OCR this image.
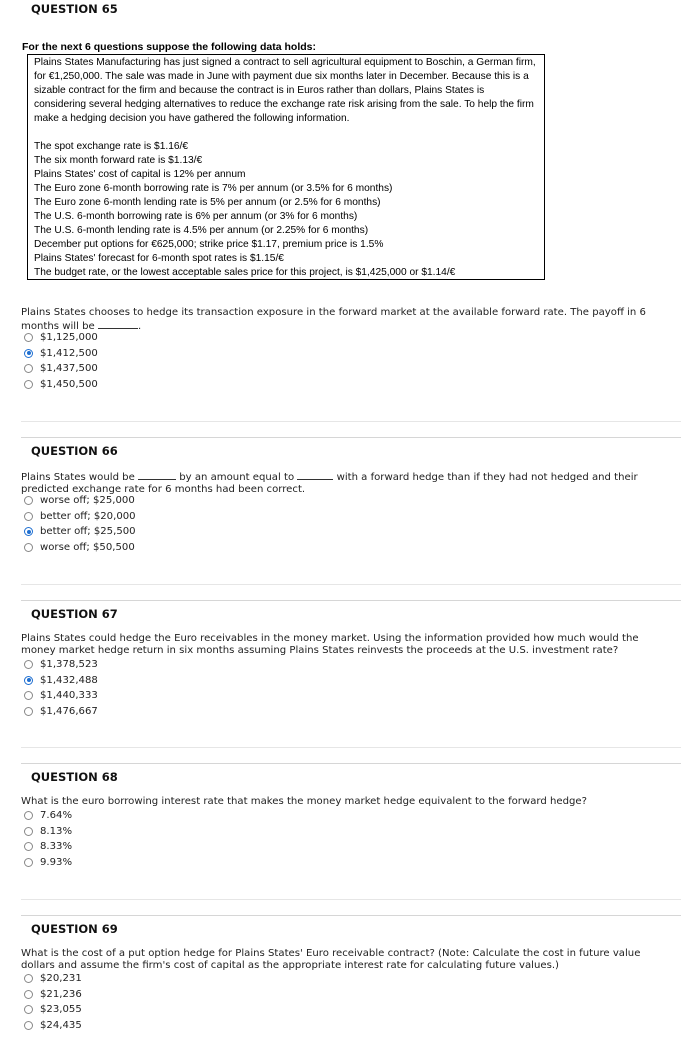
QUESTION 65
For the next 6 questions suppose the following data holds:
Plains States Manufacturing has just signed a contract to sell agricultural equipment to Boschin, a German firm, for €1,250,000. The sale was made in June with payment due six months later in December. Because this is a sizable contract for the firm and because the contract is in Euros rather than dollars, Plains States is considering several hedging alternatives to reduce the exchange rate risk arising from the sale. To help the firm make a hedging decision you have gathered the following information.
The spot exchange rate is $1.16/€
The six month forward rate is $1.13/€
Plains States' cost of capital is 12% per annum
The Euro zone 6-month borrowing rate is 7% per annum (or 3.5% for 6 months)
The Euro zone 6-month lending rate is 5% per annum (or 2.5% for 6 months)
The U.S. 6-month borrowing rate is 6% per annum (or 3% for 6 months)
The U.S. 6-month lending rate is 4.5% per annum (or 2.25% for 6 months)
December put options for €625,000; strike price $1.17, premium price is 1.5%
Plains States' forecast for 6-month spot rates is $1.15/€
The budget rate, or the lowest acceptable sales price for this project, is $1,425,000 or $1.14/€
Plains States chooses to hedge its transaction exposure in the forward market at the available forward rate. The payoff in 6 months will be	.
$1,125,000
$1,412,500
$1,437,500
$1,450,500
QUESTION 66
Plains States would be	by an amount equal to	with a forward hedge than if they had not hedged and their predicted exchange rate for 6 months had been correct.
worse off; $25,000
better off; $20,000
better off; $25,500
worse off; $50,500
QUESTION 67
Plains States could hedge the Euro receivables in the money market. Using the information provided how much would the money market hedge return in six months assuming Plains States reinvests the proceeds at the U.S. investment rate?
$1,378,523
$1,432,488
$1,440,333
$1,476,667
QUESTION 68
What is the euro borrowing interest rate that makes the money market hedge equivalent to the forward hedge?
7.64%
8.13%
8.33%
9.93%
QUESTION 69
What is the cost of a put option hedge for Plains States' Euro receivable contract? (Note: Calculate the cost in future value dollars and assume the firm's cost of capital as the appropriate interest rate for calculating future values.)
$20,231
$21,236
$23,055
$24,435
